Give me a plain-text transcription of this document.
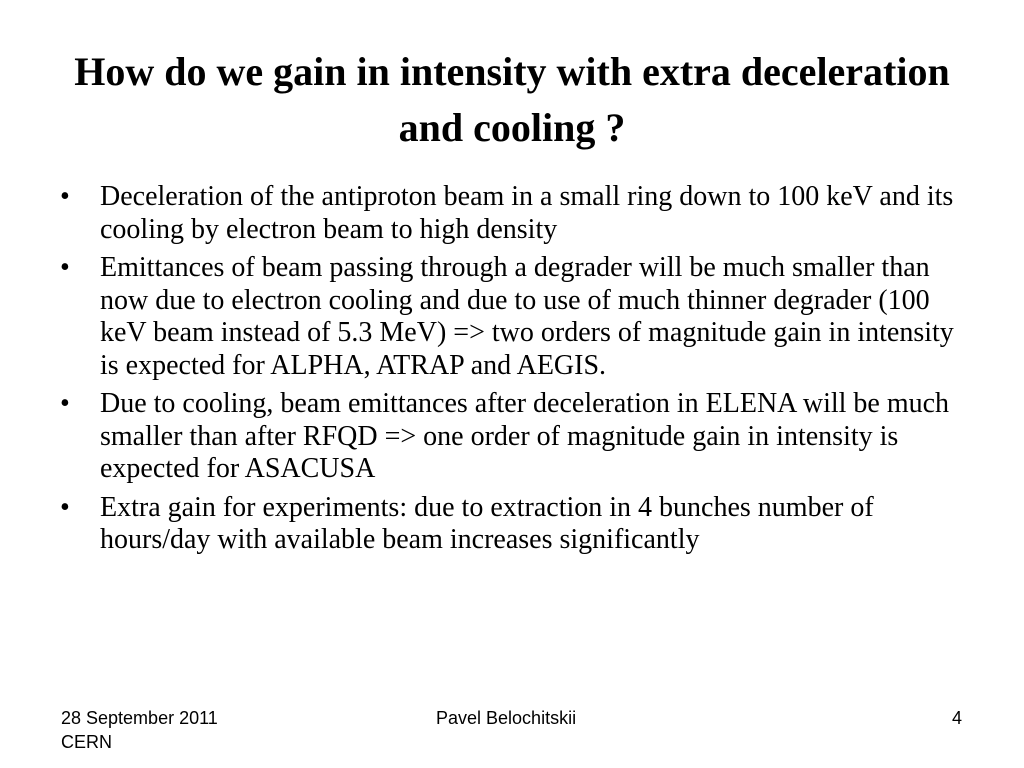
How do we gain in intensity with extra deceleration and cooling ?
• Deceleration of the antiproton beam in a small ring down to 100 keV and its cooling by electron beam to high density
• Emittances of beam passing through a degrader will be much smaller than now due to electron cooling and due to use of much thinner degrader (100 keV beam instead of 5.3 MeV) => two orders of magnitude gain in intensity is expected for ALPHA, ATRAP and AEGIS.
• Due to cooling, beam emittances after deceleration in ELENA will be much smaller than after RFQD => one order of magnitude gain in intensity is expected for ASACUSA
• Extra gain for experiments: due to extraction in 4 bunches number of hours/day with available beam increases significantly
28 September 2011
CERN
Pavel Belochitskii	4
